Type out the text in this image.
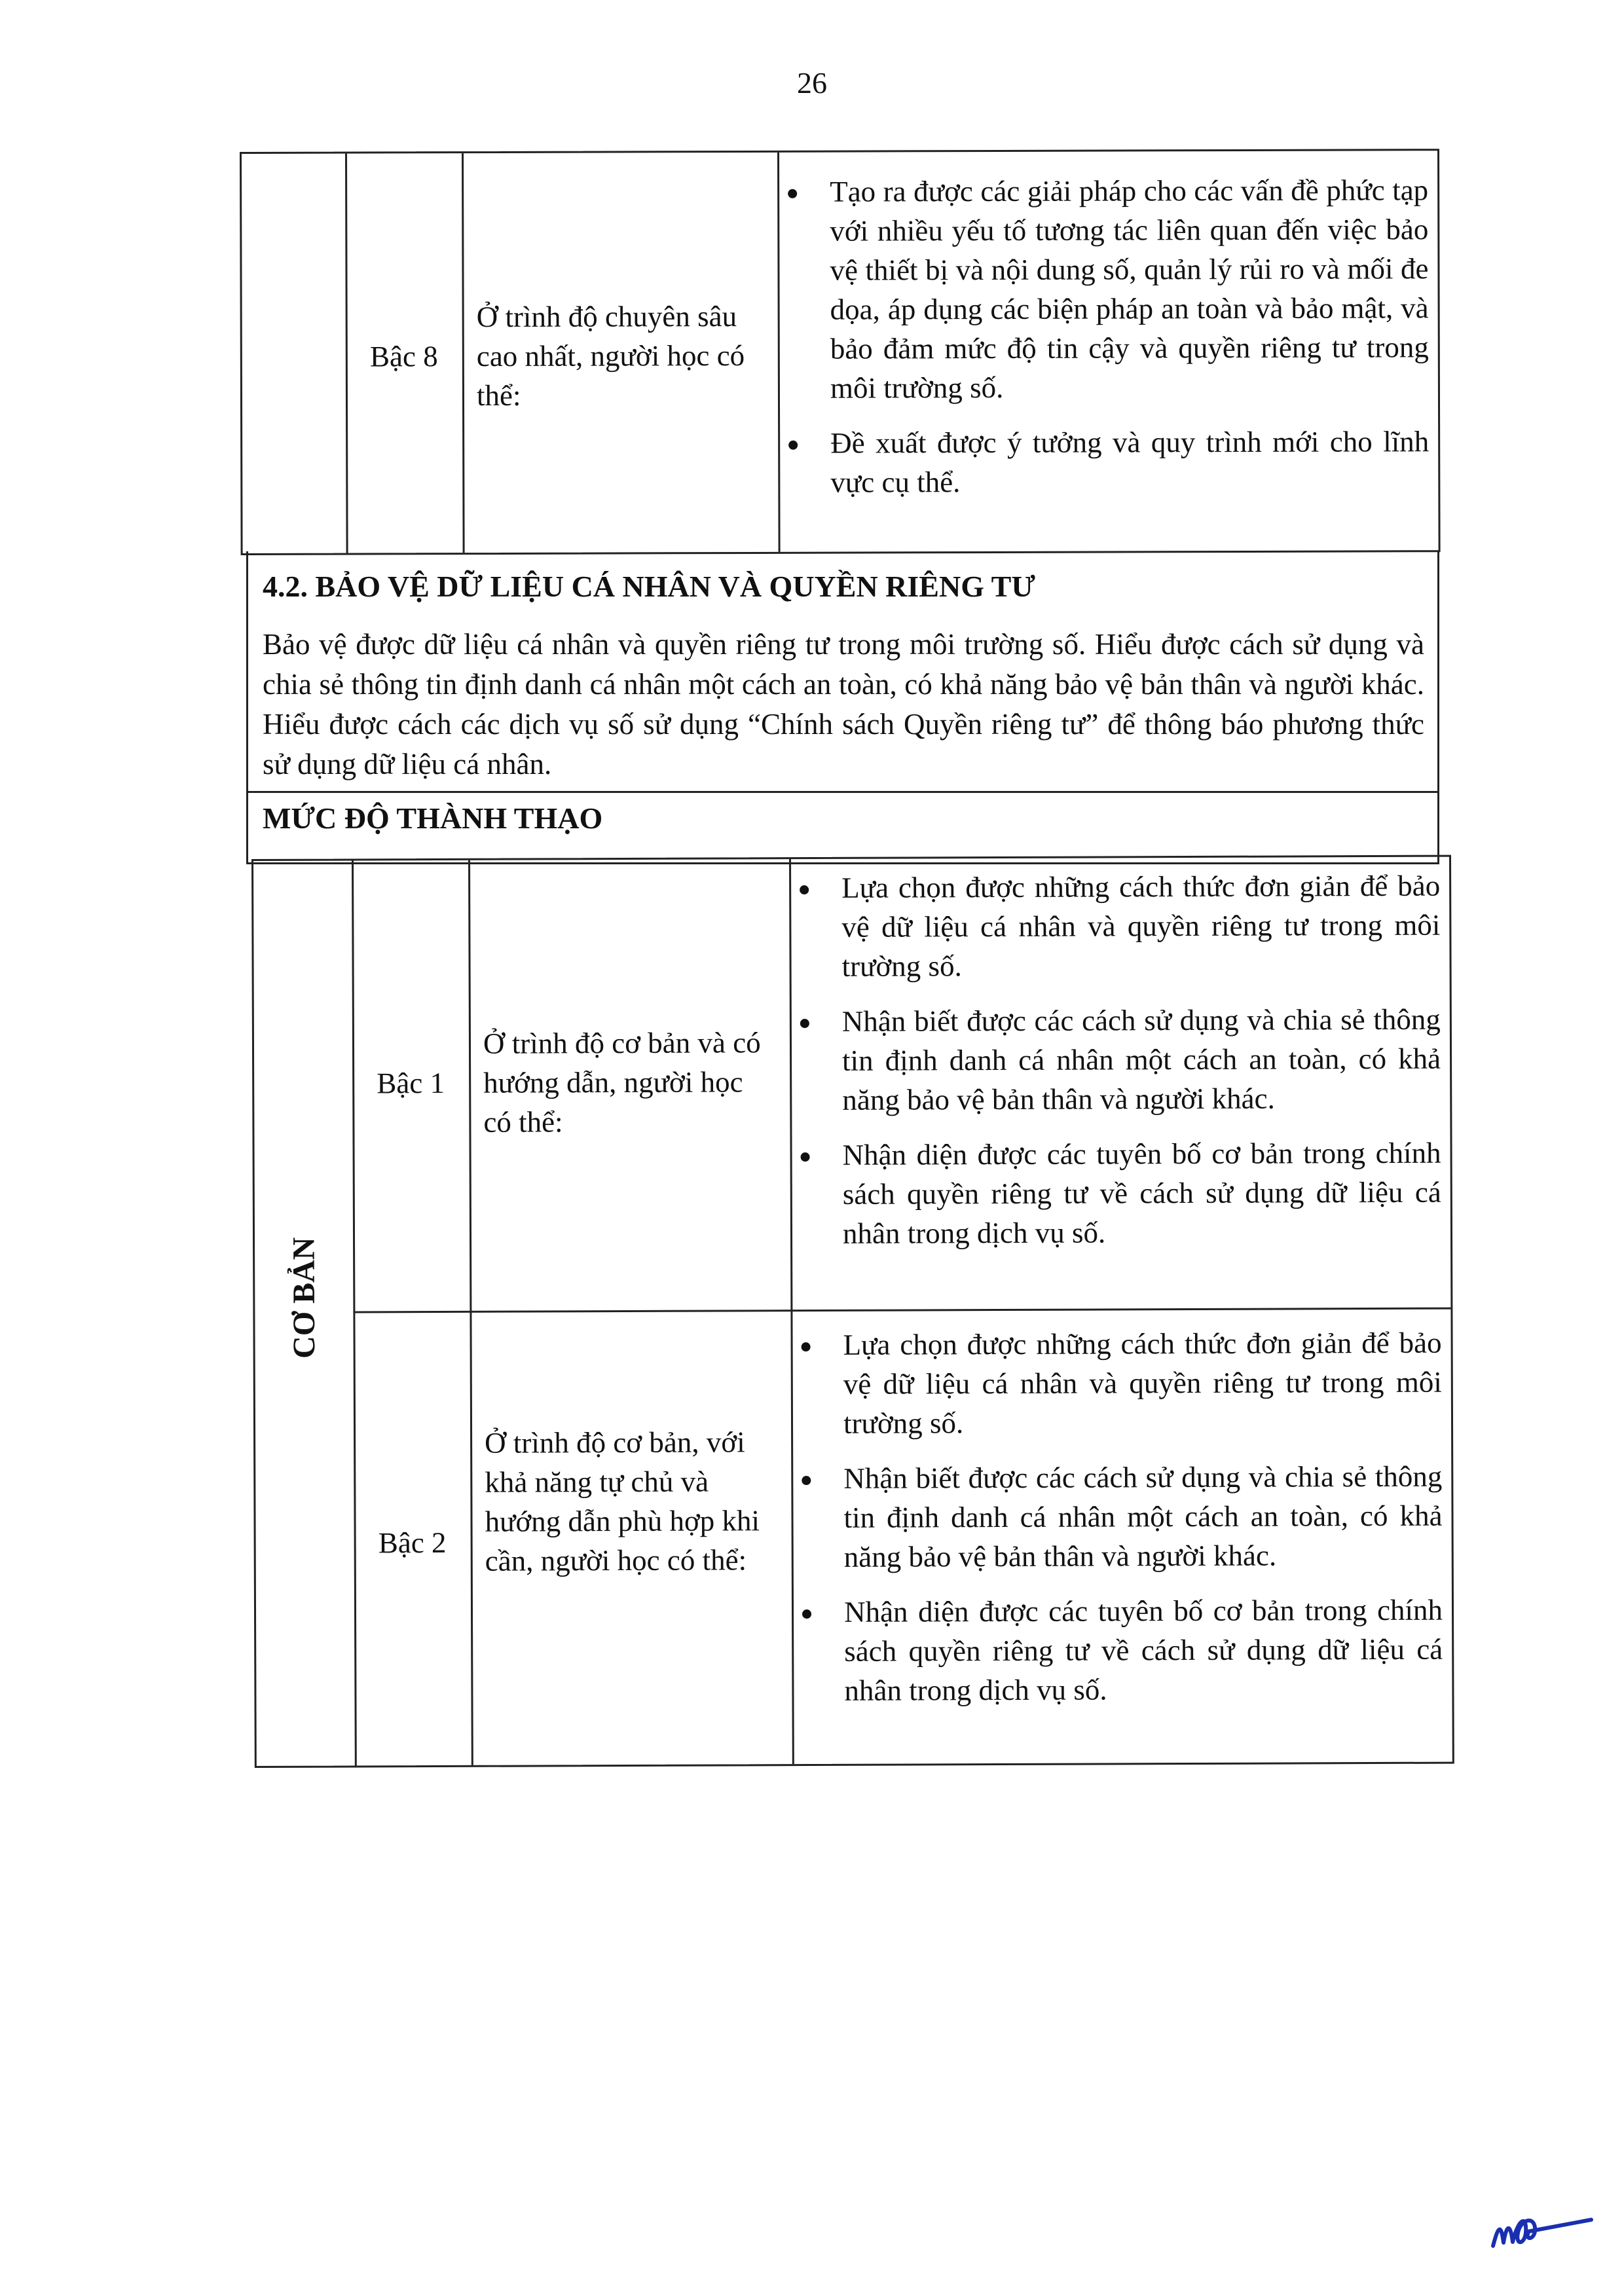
26
Bậc 8
Ở trình độ chuyên sâu cao nhất, người học có thể:
Tạo ra được các giải pháp cho các vấn đề phức tạp với nhiều yếu tố tương tác liên quan đến việc bảo vệ thiết bị và nội dung số, quản lý rủi ro và mối đe dọa, áp dụng các biện pháp an toàn và bảo mật, và bảo đảm mức độ tin cậy và quyền riêng tư trong môi trường số.
Đề xuất được ý tưởng và quy trình mới cho lĩnh vực cụ thể.
4.2. BẢO VỆ DỮ LIỆU CÁ NHÂN VÀ QUYỀN RIÊNG TƯ
Bảo vệ được dữ liệu cá nhân và quyền riêng tư trong môi trường số. Hiểu được cách sử dụng và chia sẻ thông tin định danh cá nhân một cách an toàn, có khả năng bảo vệ bản thân và người khác. Hiểu được cách các dịch vụ số sử dụng “Chính sách Quyền riêng tư” để thông báo phương thức sử dụng dữ liệu cá nhân.
MỨC ĐỘ THÀNH THẠO
CƠ BẢN
Bậc 1
Ở trình độ cơ bản và có hướng dẫn, người học có thể:
Lựa chọn được những cách thức đơn giản để bảo vệ dữ liệu cá nhân và quyền riêng tư trong môi trường số.
Nhận biết được các cách sử dụng và chia sẻ thông tin định danh cá nhân một cách an toàn, có khả năng bảo vệ bản thân và người khác.
Nhận diện được các tuyên bố cơ bản trong chính sách quyền riêng tư về cách sử dụng dữ liệu cá nhân trong dịch vụ số.
Bậc 2
Ở trình độ cơ bản, với khả năng tự chủ và hướng dẫn phù hợp khi cần, người học có thể:
Lựa chọn được những cách thức đơn giản để bảo vệ dữ liệu cá nhân và quyền riêng tư trong môi trường số.
Nhận biết được các cách sử dụng và chia sẻ thông tin định danh cá nhân một cách an toàn, có khả năng bảo vệ bản thân và người khác.
Nhận diện được các tuyên bố cơ bản trong chính sách quyền riêng tư về cách sử dụng dữ liệu cá nhân trong dịch vụ số.
